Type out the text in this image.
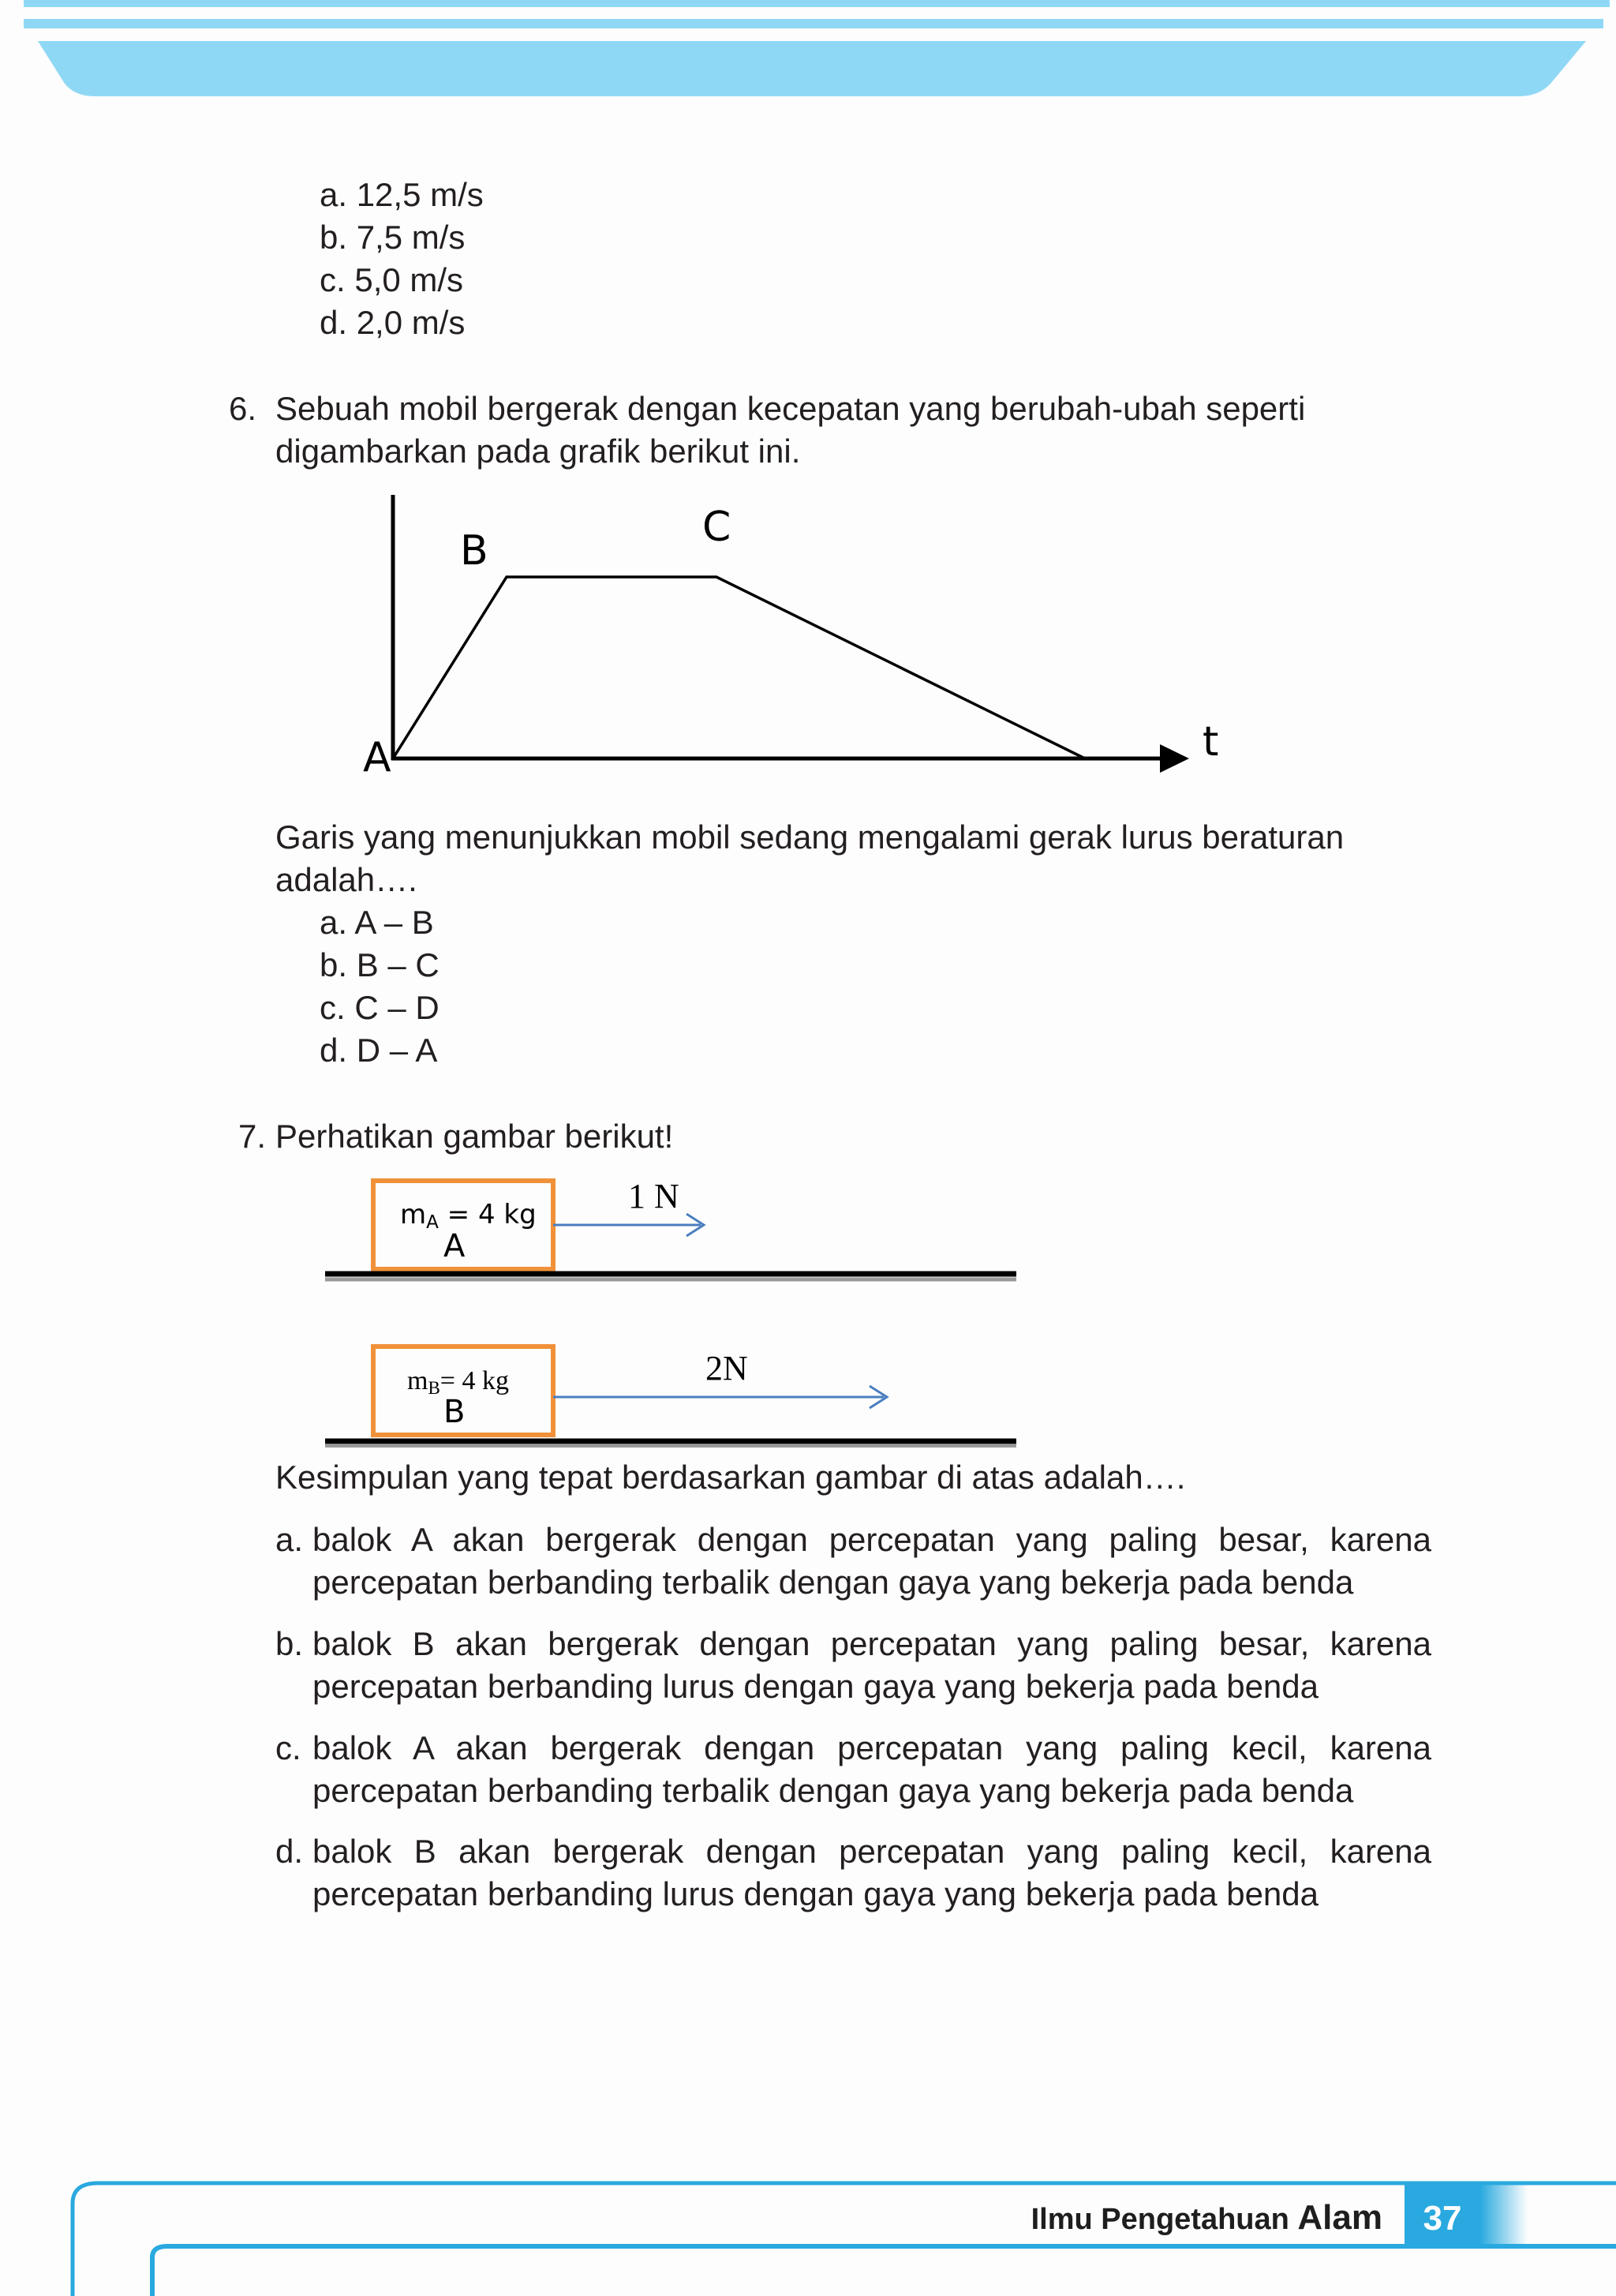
a. 12,5 m/s
b. 7,5 m/s
c. 5,0 m/s
d. 2,0 m/s
6. Sebuah mobil bergerak dengan kecepatan yang berubah-ubah seperti
digambarkan pada grafik berikut ini.
A
B	C
t
Garis yang menunjukkan mobil sedang mengalami gerak lurus beraturan
adalah….
a. A – B
b. B – C
c. C – D
d. D – A
7. Perhatikan gambar berikut!
mA = 4 kg
A
1 N
mB= 4 kg
B
2N
Kesimpulan yang tepat berdasarkan gambar di atas adalah….
a. balok A akan bergerak dengan percepatan yang paling besar, karena
percepatan berbanding terbalik dengan gaya yang bekerja pada benda
b. balok B akan bergerak dengan percepatan yang paling besar, karena
percepatan berbanding lurus dengan gaya yang bekerja pada benda
c. balok A akan bergerak dengan percepatan yang paling kecil, karena
percepatan berbanding terbalik dengan gaya yang bekerja pada benda
d. balok B akan bergerak dengan percepatan yang paling kecil, karena
percepatan berbanding lurus dengan gaya yang bekerja pada benda
Ilmu Pengetahuan Alam	37
